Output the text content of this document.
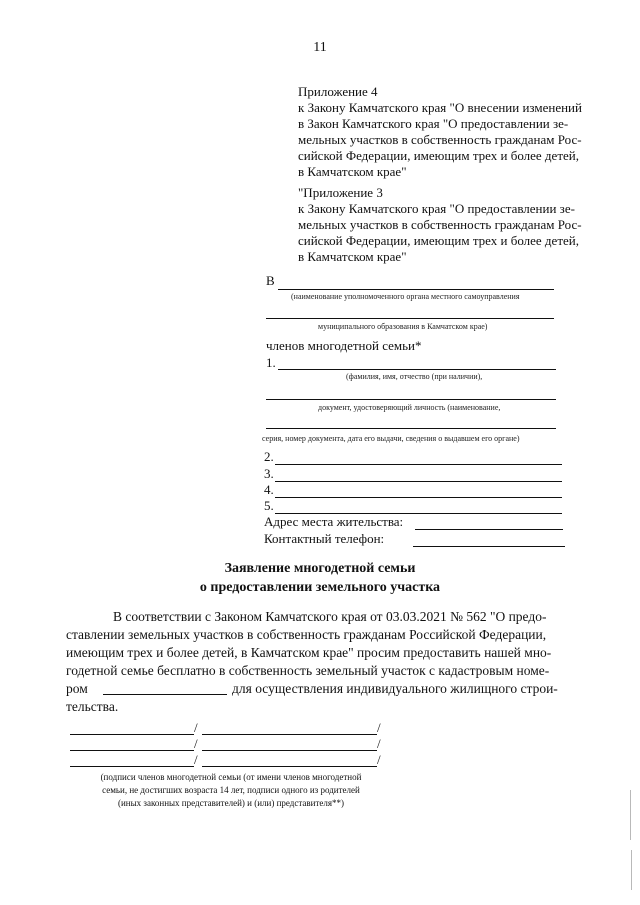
11
Приложение 4
к Закону Камчатского края "О внесении изменений
в Закон Камчатского края "О предоставлении зе-
мельных участков в собственность гражданам Рос-
сийской Федерации, имеющим трех и более детей,
в Камчатском крае"
"Приложение 3
к Закону Камчатского края "О предоставлении зе-
мельных участков в собственность гражданам Рос-
сийской Федерации, имеющим трех и более детей,
в Камчатском крае"
В
(наименование уполномоченного органа местного самоуправления
муниципального образования в Камчатском крае)
членов многодетной семьи*
1.
(фамилия, имя, отчество (при наличии),
документ, удостоверяющий личность (наименование,
серия, номер документа, дата его выдачи, сведения о выдавшем его органе)
2.
3.
4.
5.
Адрес места жительства:
Контактный телефон:
Заявление многодетной семьи
о предоставлении земельного участка
В соответствии с Законом Камчатского края от 03.03.2021 № 562 "О предо-
ставлении земельных участков в собственность гражданам Российской Федерации,
имеющим трех и более детей, в Камчатском крае" просим предоставить нашей мно-
годетной семье бесплатно в собственность земельный участок с кадастровым номе-
ром	для осуществления индивидуального жилищного строи-
тельства.
/	/
/	/
/	/
(подписи членов многодетной семьи (от имени членов многодетной
семьи, не достигших возраста 14 лет, подписи одного из родителей
(иных законных представителей) и (или) представителя**)
